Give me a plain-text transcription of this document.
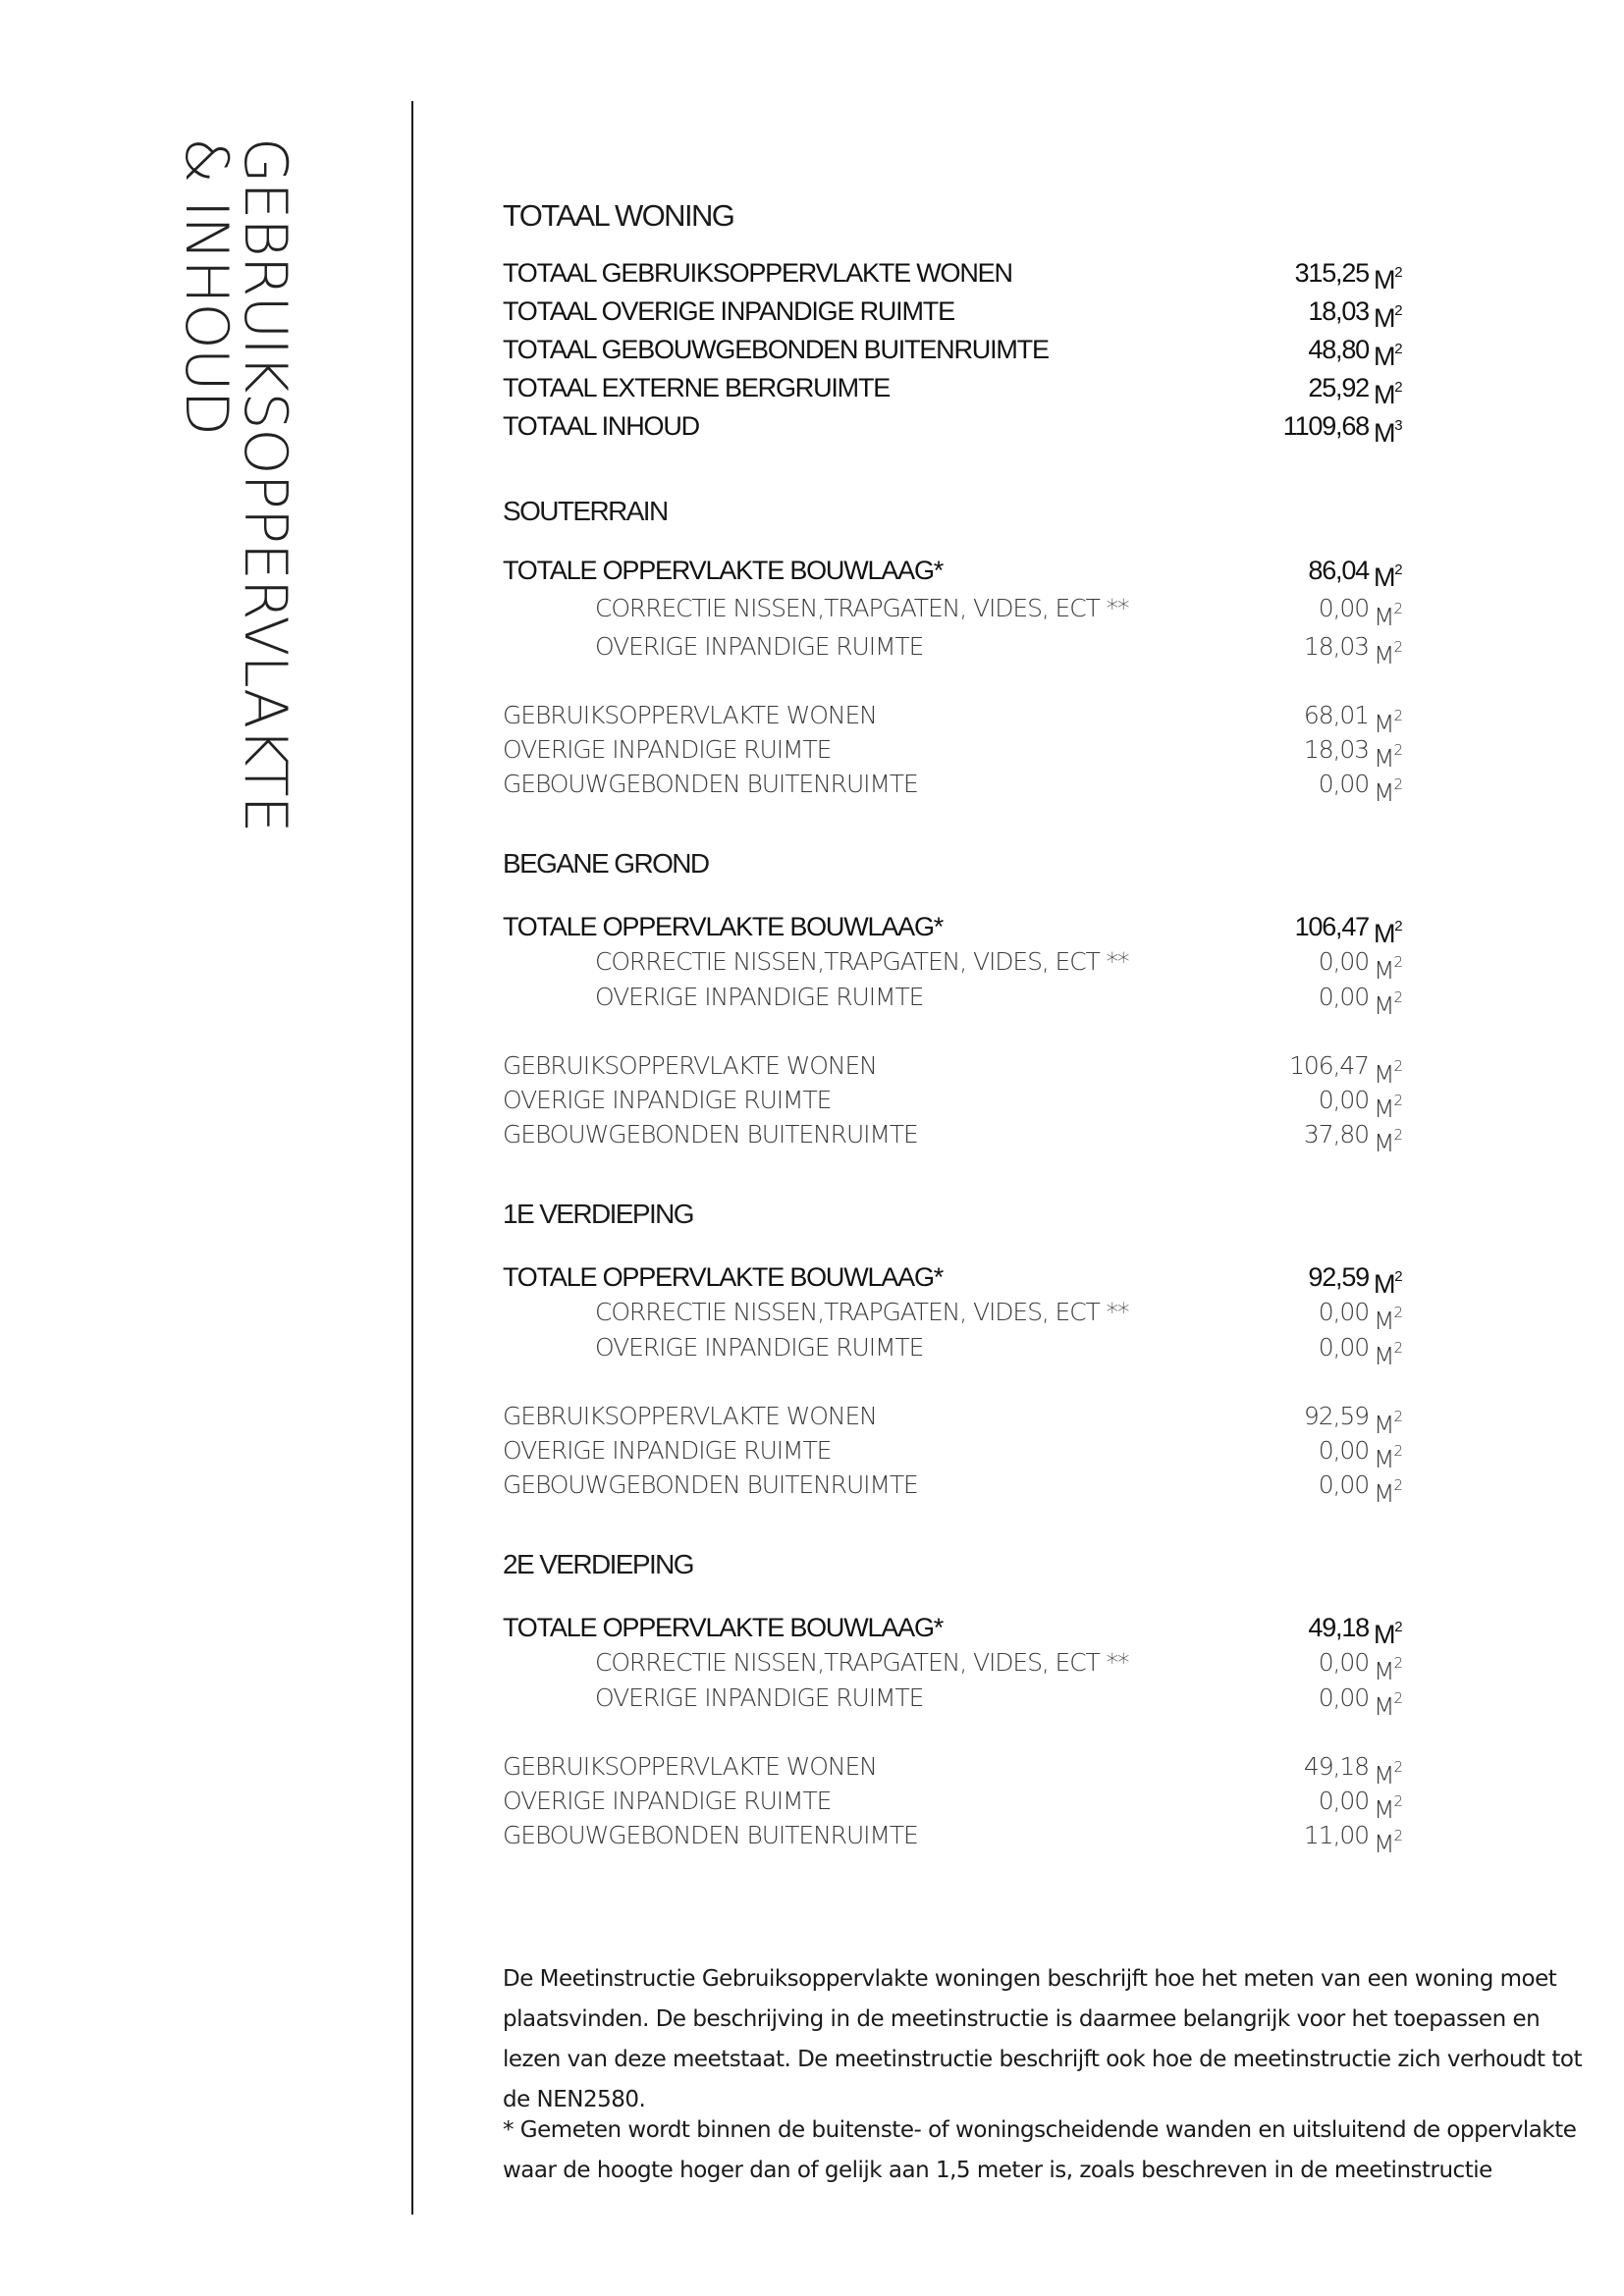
GEBRUIKSOPPERVLAKTE
& INHOUD	TOTAAL WONING
TOTAAL GEBRUIKSOPPERVLAKTE WONEN	315,25 $M^2$
TOTAAL OVERIGE INPANDIGE RUIMTE	18,03 $M^2$
TOTAAL GEBOUWGEBONDEN BUITENRUIMTE	48,80 $M^2$
TOTAAL EXTERNE BERGRUIMTE	25,92 $M^2$
TOTAAL INHOUD	1109,68 $M^3$
SOUTERRAIN
TOTALE OPPERVLAKTE BOUWLAAG*	86,04 $M^2$
CORRECTIE NISSEN,TRAPGATEN, VIDES, ECT **	0,00 $M^2$
OVERIGE INPANDIGE RUIMTE	18,03 $M^2$
GEBRUIKSOPPERVLAKTE WONEN	68,01 $M^2$
OVERIGE INPANDIGE RUIMTE	18,03 $M^2$
GEBOUWGEBONDEN BUITENRUIMTE	0,00 $M^2$
BEGANE GROND
TOTALE OPPERVLAKTE BOUWLAAG*	106,47 $M^2$
CORRECTIE NISSEN,TRAPGATEN, VIDES, ECT **	0,00 $M^2$
OVERIGE INPANDIGE RUIMTE	0,00 $M^2$
GEBRUIKSOPPERVLAKTE WONEN	106,47 $M^2$
OVERIGE INPANDIGE RUIMTE	0,00 $M^2$
GEBOUWGEBONDEN BUITENRUIMTE	37,80 $M^2$
1E VERDIEPING
TOTALE OPPERVLAKTE BOUWLAAG*	92,59 $M^2$
CORRECTIE NISSEN,TRAPGATEN, VIDES, ECT **	0,00 $M^2$
OVERIGE INPANDIGE RUIMTE	0,00 $M^2$
GEBRUIKSOPPERVLAKTE WONEN	92,59 $M^2$
OVERIGE INPANDIGE RUIMTE	0,00 $M^2$
GEBOUWGEBONDEN BUITENRUIMTE	0,00 $M^2$
2E VERDIEPING
TOTALE OPPERVLAKTE BOUWLAAG*	49,18 $M^2$
CORRECTIE NISSEN,TRAPGATEN, VIDES, ECT **	0,00 $M^2$
OVERIGE INPANDIGE RUIMTE	0,00 $M^2$
GEBRUIKSOPPERVLAKTE WONEN	49,18 $M^2$
OVERIGE INPANDIGE RUIMTE	0,00 $M^2$
GEBOUWGEBONDEN BUITENRUIMTE	11,00 $M^2$
De Meetinstructie Gebruiksoppervlakte woningen beschrijft hoe het meten van een woning moet plaatsvinden. De beschrijving in de meetinstructie is daarmee belangrijk voor het toepassen en lezen van deze meetstaat. De meetinstructie beschrijft ook hoe de meetinstructie zich verhoudt tot de NEN2580.
* Gemeten wordt binnen de buitenste- of woningscheidende wanden en uitsluitend de oppervlakte waar de hoogte hoger dan of gelijk aan 1,5 meter is, zoals beschreven in de meetinstructie
